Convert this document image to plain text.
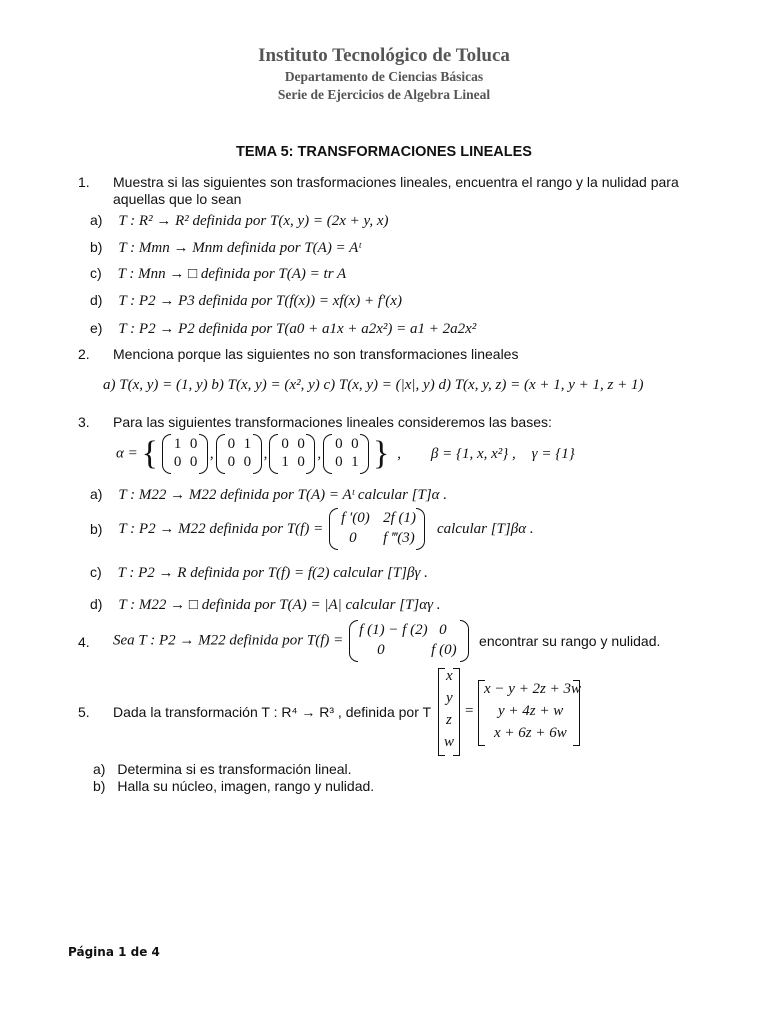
Instituto Tecnológico de Toluca
Departamento de Ciencias Básicas
Serie de Ejercicios de Algebra Lineal
TEMA 5: TRANSFORMACIONES LINEALES
1. Muestra si las siguientes son trasformaciones lineales, encuentra el rango y la nulidad para
aquellas que lo sean
a) T : R² → R² definida por T(x, y) = (2x + y, x)
b) T : Mmn → Mnm definida por T(A) = Aᵗ
c) T : Mnn → □ definida por T(A) = tr A
d) T : P2 → P3 definida por T(f(x)) = xf(x) + f′(x)
e) T : P2 → P2 definida por T(a0 + a1x + a2x²) = a1 + 2a2x²
2. Menciona porque las siguientes no son transformaciones lineales
a) T(x, y) = (1, y) b) T(x, y) = (x², y) c) T(x, y) = (|x|, y) d) T(x, y, z) = (x + 1, y + 1, z + 1)
3. Para las siguientes transformaciones lineales consideremos las bases:
α = { 1 0
0 0
,
0 1
0 0
,
0 0
1 0
,
0 0
0 1 } , β = {1, x, x²} , γ = {1}
a) T : M22 → M22 definida por T(A) = Aᵗ calcular [T]α .
b) T : P2 → M22 definida por T(f) =
f ′(0) 2f (1)
0 f ‴(3)
calcular [T]βα .
c) T : P2 → R definida por T(f) = f(2) calcular [T]βγ .
d) T : M22 → □ definida por T(A) = |A| calcular [T]αγ .
4. Sea T : P2 → M22 definida por T(f) =
f (1) − f (2) 0
0	f (0)
encontrar su rango y nulidad.
5. Dada la transformación T : R⁴ → R³ , definida por T
x
y
z
w
=
x − y + 2z + 3w
y + 4z + w
x + 6z + 6w
a) Determina si es transformación lineal.
b) Halla su núcleo, imagen, rango y nulidad.
Página 1 de 4
